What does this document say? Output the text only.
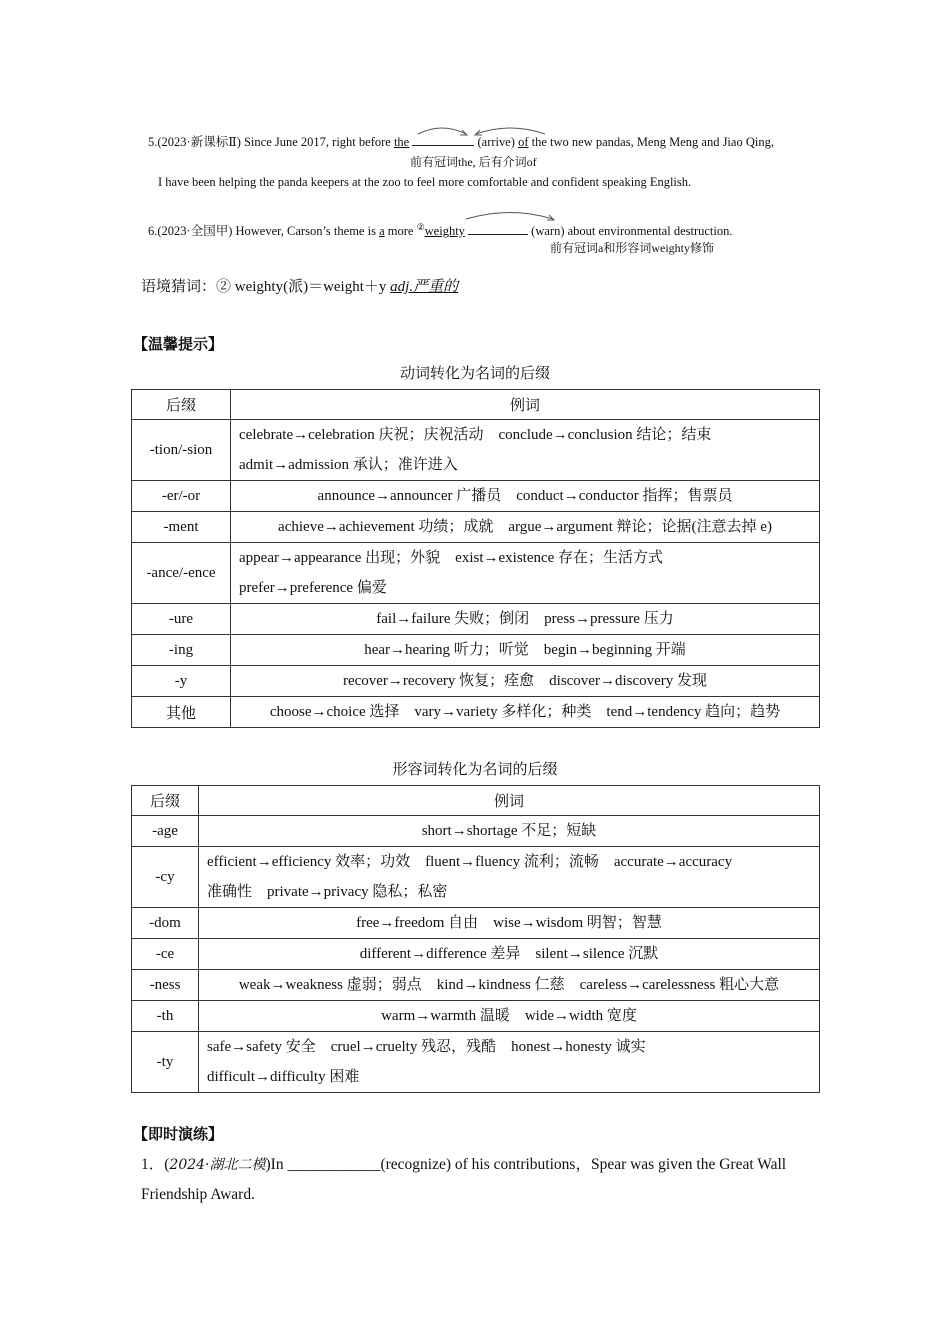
5.(2023·新课标Ⅱ) Since June 2017, right before the	(arrive) of the two new pandas, Meng Meng and Jiao Qing,
前有冠词the, 后有介词of
I have been helping the panda keepers at the zoo to feel more comfortable and confident speaking English.
6.(2023·全国甲) However, Carson’s theme is a more ②weighty	(warn) about environmental destruction.
前有冠词a和形容词weighty修饰
语境猜词：② weighty(派)＝weight＋y adj.严重的
【温馨提示】
动词转化为名词的后缀
后缀	例词
-tion/-sion	celebrate→celebration 庆祝；庆祝活动　conclude→conclusion 结论；结束
admit→admission 承认；准许进入

-er/-or	announce→announcer 广播员　conduct→conductor 指挥；售票员

-ment	achieve→achievement 功绩；成就　argue→argument 辩论；论据(注意去掉 e)

-ance/-ence	appear→appearance 出现；外貌　exist→existence 存在；生活方式
prefer→preference 偏爱

-ure	fail→failure 失败；倒闭　press→pressure 压力

-ing	hear→hearing 听力；听觉　begin→beginning 开端

-y	recover→recovery 恢复；痊愈　discover→discovery 发现

其他	choose→choice 选择　vary→variety 多样化；种类　tend→tendency 趋向；趋势
形容词转化为名词的后缀
后缀	例词
-age	short→shortage 不足；短缺

-cy	efficient→efficiency 效率；功效　fluent→fluency 流利；流畅　accurate→accuracy
准确性　private→privacy 隐私；私密

-dom	free→freedom 自由　wise→wisdom 明智；智慧

-ce	different→difference 差异　silent→silence 沉默

-ness	weak→weakness 虚弱；弱点　kind→kindness 仁慈　careless→carelessness 粗心大意

-th	warm→warmth 温暖　wide→width 宽度

-ty	safe→safety 安全　cruel→cruelty 残忍，残酷　honest→honesty 诚实
difficult→difficulty 困难
【即时演练】
1．(2024·湖北二模)In ____________(recognize) of his contributions，Spear was given the Great Wall Friendship Award.
